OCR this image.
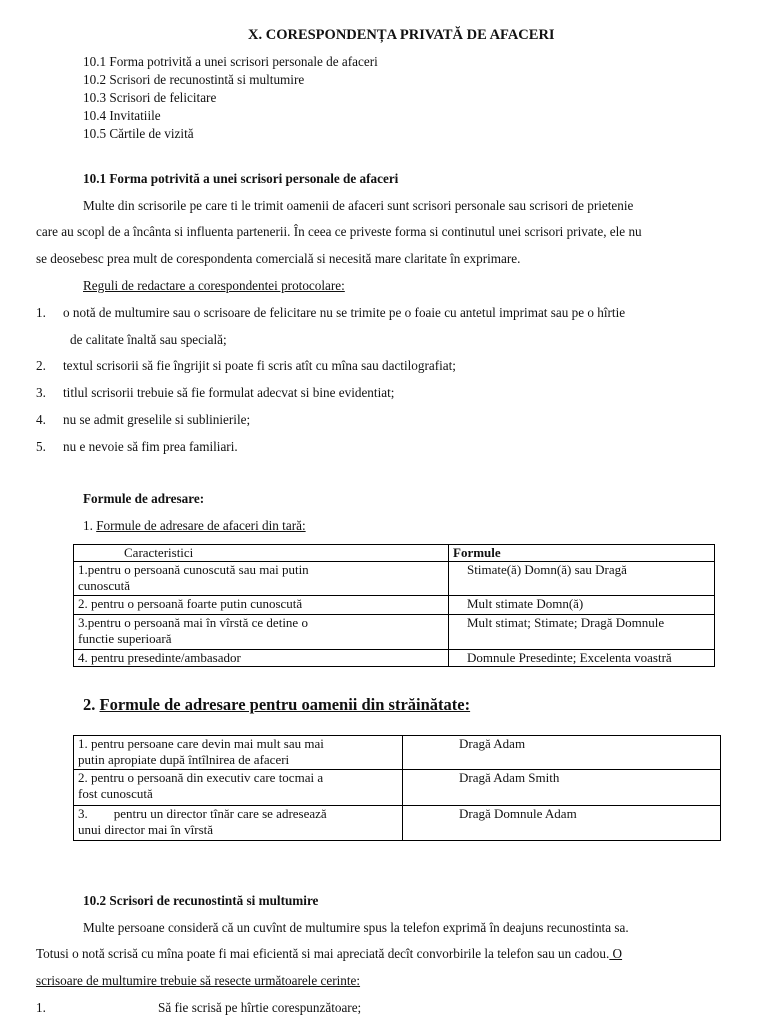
X. CORESPONDENȚA PRIVATĂ DE AFACERI
10.1 Forma potrivită a unei scrisori personale de afaceri
10.2 Scrisori de recunostintă si multumire
10.3 Scrisori de felicitare
10.4 Invitatiile
10.5 Cărtile de vizită
10.1 Forma potrivită a unei scrisori personale de afaceri
Multe din scrisorile pe care ti le trimit oamenii de afaceri sunt scrisori personale sau scrisori de prietenie
care au scopl de a încânta si influenta partenerii. În ceea ce priveste forma si continutul unei scrisori private, ele nu
se deosebesc prea mult de corespondenta comercială si necesită mare claritate în exprimare.
Reguli de redactare a corespondentei protocolare:
1. o notă de multumire sau o scrisoare de felicitare nu se trimite pe o foaie cu antetul imprimat sau pe o hîrtie
de calitate înaltă sau specială;
2. textul scrisorii să fie îngrijit si poate fi scris atît cu mîna sau dactilografiat;
3. titlul scrisorii trebuie să fie formulat adecvat si bine evidentiat;
4. nu se admit greselile si sublinierile;
5. nu e nevoie să fim prea familiari.
Formule de adresare:
1. Formule de adresare de afaceri din tară:
Caracteristici	Formule

1.pentru o persoană cunoscută sau mai putin
cunoscută	Stimate(ă) Domn(ă) sau Dragă
2. pentru o persoană foarte putin cunoscută	Mult stimate Domn(ă)

3.pentru o persoană mai în vîrstă ce detine o
functie superioară	Mult stimat; Stimate; Dragă Domnule
4. pentru presedinte/ambasador	Domnule Presedinte; Excelenta voastră
2. Formule de adresare pentru oamenii din străinătate:
1. pentru persoane care devin mai mult sau mai
putin apropiate după întîlnirea de afaceri	Dragă Adam

2. pentru o persoană din executiv care tocmai a
fost cunoscută	Dragă Adam Smith

3.        pentru un director tînăr care se adresează
unui director mai în vîrstă	Dragă Domnule Adam
10.2 Scrisori de recunostintă si multumire
Multe persoane consideră că un cuvînt de multumire spus la telefon exprimă în deajuns recunostinta sa.
Totusi o notă scrisă cu mîna poate fi mai eficientă si mai apreciată decît convorbirile la telefon sau un cadou. O
scrisoare de multumire trebuie să resecte următoarele cerinte:
1.	Să fie scrisă pe hîrtie corespunzătoare;
